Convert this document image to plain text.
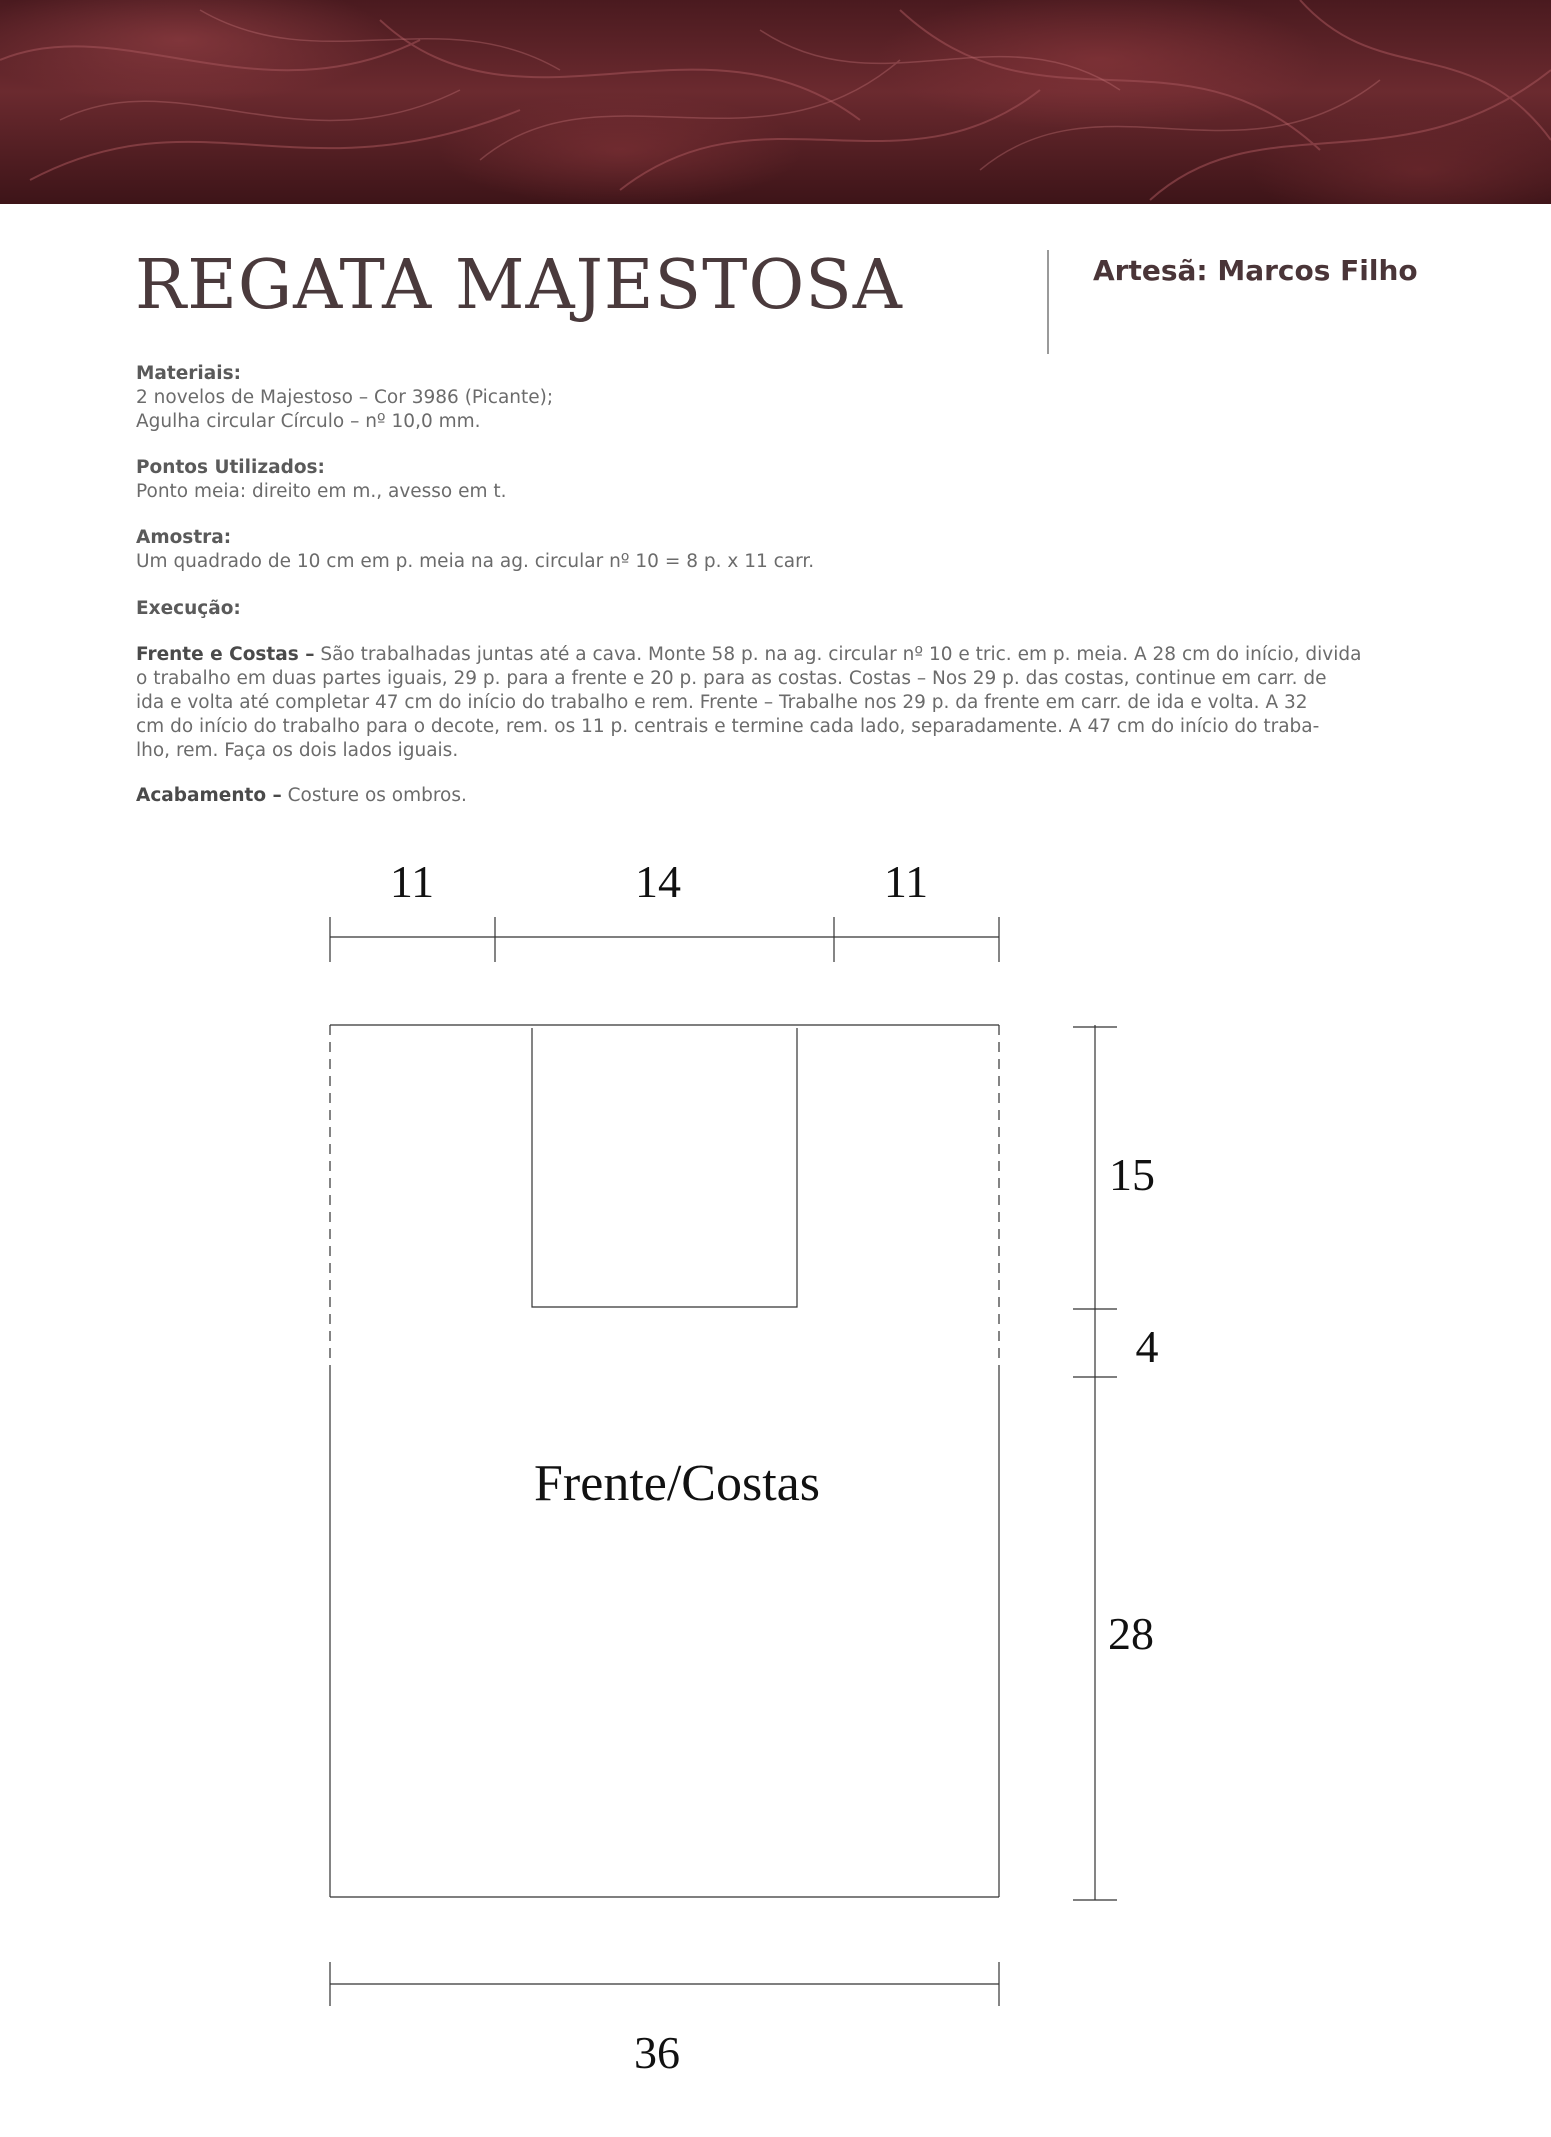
REGATA MAJESTOSA	Artesã: Marcos Filho
Materiais:
2 novelos de Majestoso – Cor 3986 (Picante);
Agulha circular Círculo – nº 10,0 mm.
Pontos Utilizados:
Ponto meia: direito em m., avesso em t.
Amostra:
Um quadrado de 10 cm em p. meia na ag. circular nº 10 = 8 p. x 11 carr.
Execução:
Frente e Costas – São trabalhadas juntas até a cava. Monte 58 p. na ag. circular nº 10 e tric. em p. meia. A 28 cm do início, divida
o trabalho em duas partes iguais, 29 p. para a frente e 20 p. para as costas. Costas – Nos 29 p. das costas, continue em carr. de
ida e volta até completar 47 cm do início do trabalho e rem. Frente – Trabalhe nos 29 p. da frente em carr. de ida e volta. A 32
cm do início do trabalho para o decote, rem. os 11 p. centrais e termine cada lado, separadamente. A 47 cm do início do traba-
lho, rem. Faça os dois lados iguais.
Acabamento – Costure os ombros.
11	14	11
Frente/Costas
15
4
28
36
